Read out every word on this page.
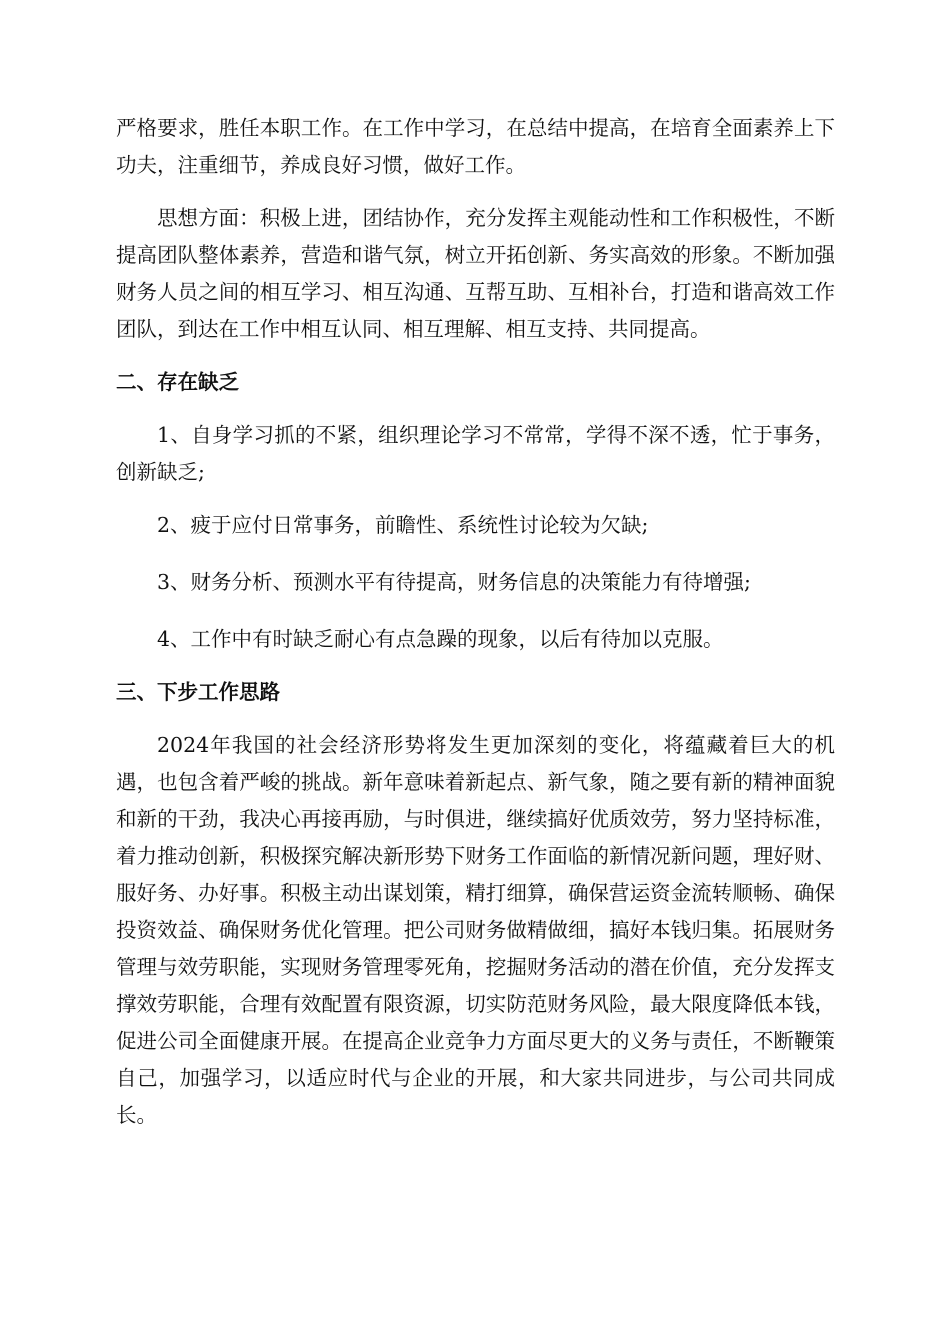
严格要求，胜任本职工作。在工作中学习，在总结中提高，在培育全面素养上下功夫，注重细节，养成良好习惯，做好工作。

思想方面：积极上进，团结协作，充分发挥主观能动性和工作积极性，不断提高团队整体素养，营造和谐气氛，树立开拓创新、务实高效的形象。不断加强财务人员之间的相互学习、相互沟通、互帮互助、互相补台，打造和谐高效工作团队，到达在工作中相互认同、相互理解、相互支持、共同提高。

二、存在缺乏

1、自身学习抓的不紧，组织理论学习不常常，学得不深不透，忙于事务，创新缺乏;

2、疲于应付日常事务，前瞻性、系统性讨论较为欠缺;

3、财务分析、预测水平有待提高，财务信息的决策能力有待增强;

4、工作中有时缺乏耐心有点急躁的现象，以后有待加以克服。

三、下步工作思路

2024年我国的社会经济形势将发生更加深刻的变化，将蕴藏着巨大的机遇，也包含着严峻的挑战。新年意味着新起点、新气象，随之要有新的精神面貌和新的干劲，我决心再接再励，与时俱进，继续搞好优质效劳，努力坚持标准，着力推动创新，积极探究解决新形势下财务工作面临的新情况新问题，理好财、服好务、办好事。积极主动出谋划策，精打细算，确保营运资金流转顺畅、确保投资效益、确保财务优化管理。把公司财务做精做细，搞好本钱归集。拓展财务管理与效劳职能，实现财务管理零死角，挖掘财务活动的潜在价值，充分发挥支撑效劳职能，合理有效配置有限资源，切实防范财务风险，最大限度降低本钱，促进公司全面健康开展。在提高企业竞争力方面尽更大的义务与责任，不断鞭策自己，加强学习，以适应时代与企业的开展，和大家共同进步，与公司共同成长。
